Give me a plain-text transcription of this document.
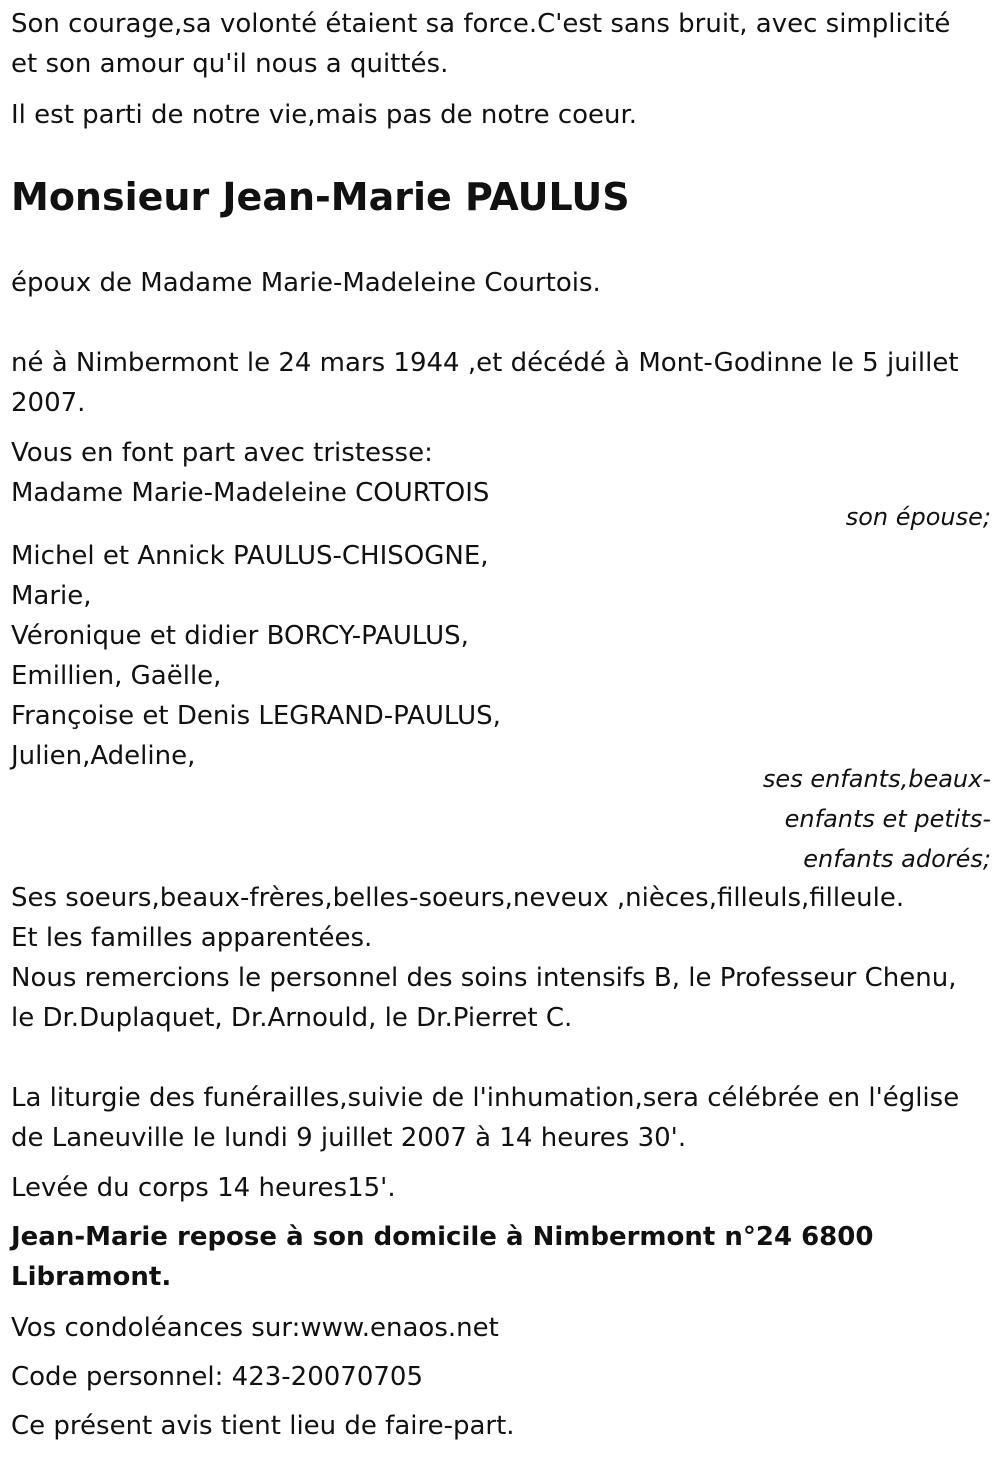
Son courage,sa volonté étaient sa force.C'est sans bruit, avec simplicité
et son amour qu'il nous a quittés.
Il est parti de notre vie,mais pas de notre coeur.
Monsieur Jean-Marie PAULUS
époux de Madame Marie-Madeleine Courtois.
né à Nimbermont le 24 mars 1944 ,et décédé à Mont-Godinne le 5 juillet
2007.
Vous en font part avec tristesse:
Madame Marie-Madeleine COURTOIS
son épouse;
Michel et Annick PAULUS-CHISOGNE,
Marie,
Véronique et didier BORCY-PAULUS,
Emillien, Gaëlle,
Françoise et Denis LEGRAND-PAULUS,
Julien,Adeline,
ses enfants,beaux-
enfants et petits-
enfants adorés;
Ses soeurs,beaux-frères,belles-soeurs,neveux ,nièces,filleuls,filleule.
Et les familles apparentées.
Nous remercions le personnel des soins intensifs B, le Professeur Chenu,
le Dr.Duplaquet, Dr.Arnould, le Dr.Pierret C.
La liturgie des funérailles,suivie de l'inhumation,sera célébrée en l'église
de Laneuville le lundi 9 juillet 2007 à 14 heures 30'.
Levée du corps 14 heures15'.
Jean-Marie repose à son domicile à Nimbermont n°24 6800
Libramont.
Vos condoléances sur:www.enaos.net
Code personnel: 423-20070705
Ce présent avis tient lieu de faire-part.
